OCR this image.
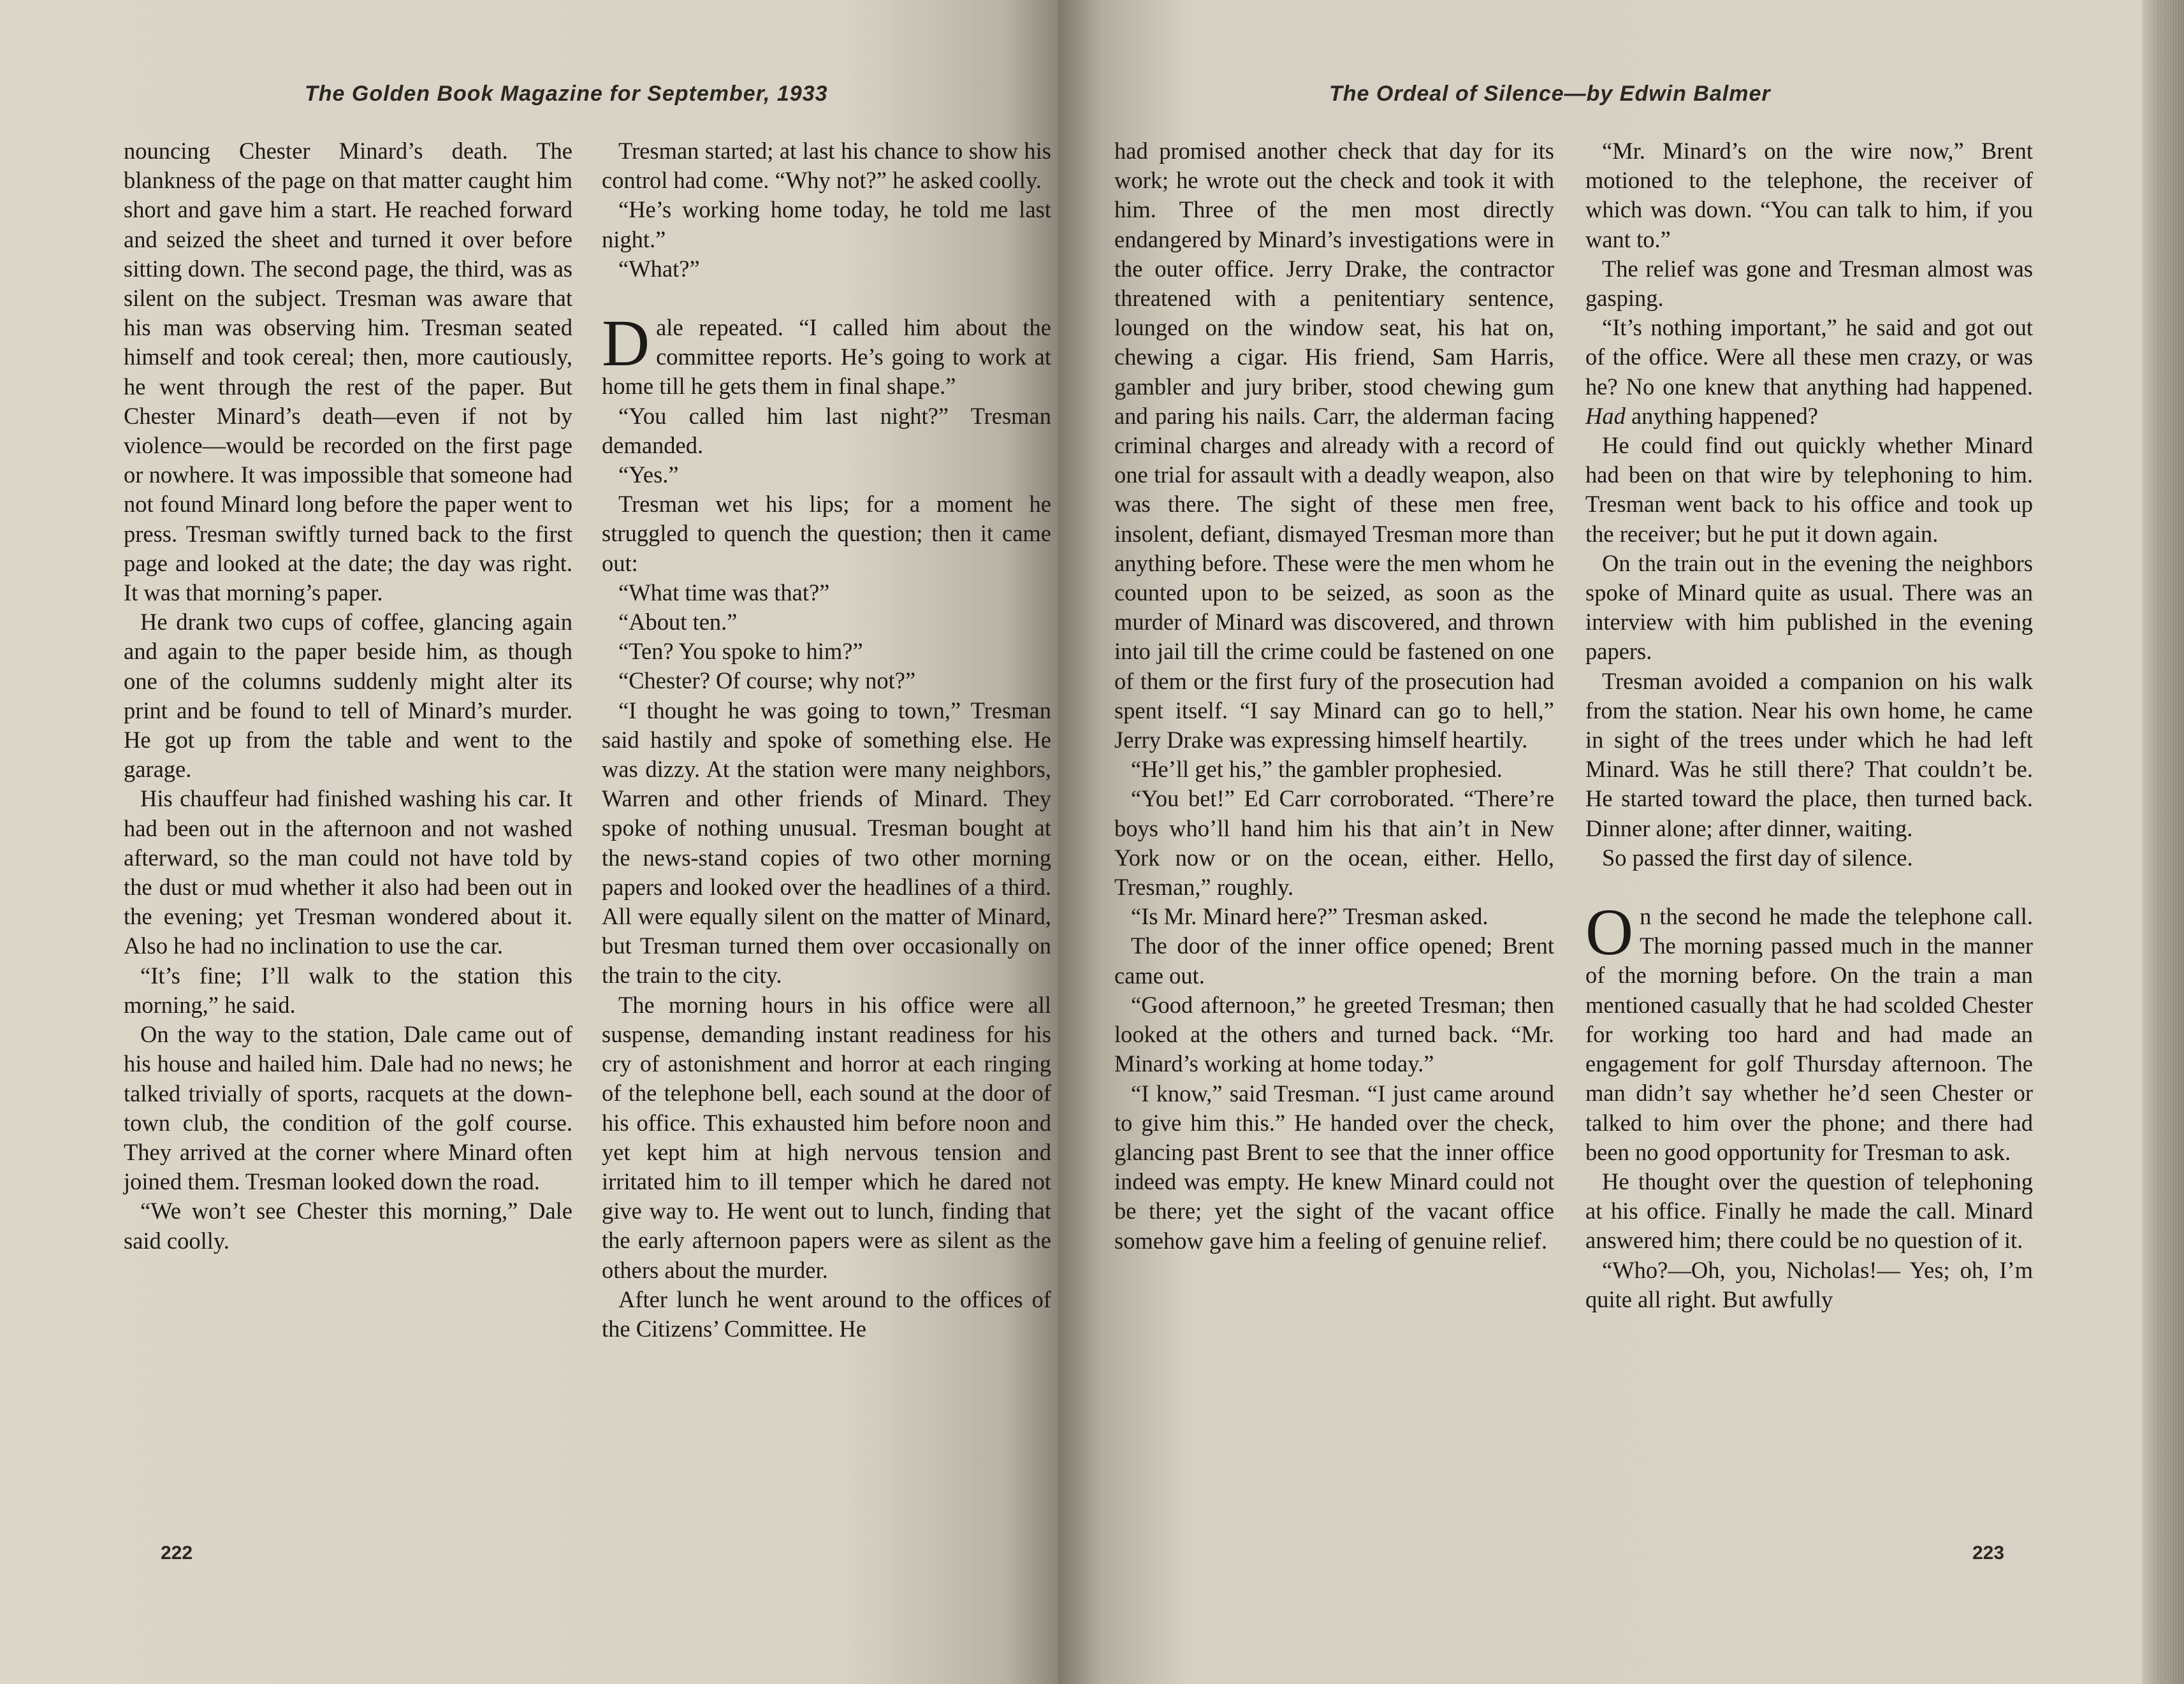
The Golden Book Magazine for September, 1933

nouncing Chester Minard’s death. The blankness of the page on that matter caught him short and gave him a start. He reached forward and seized the sheet and turned it over before sitting down. The second page, the third, was as silent on the subject. Tresman was aware that his man was observing him. Tresman seated himself and took cereal; then, more cautiously, he went through the rest of the paper. But Chester Minard’s death—even if not by violence—would be recorded on the first page or nowhere. It was impossible that someone had not found Minard long before the paper went to press. Tresman swiftly turned back to the first page and looked at the date; the day was right. It was that morning’s paper.

He drank two cups of coffee, glancing again and again to the paper beside him, as though one of the columns suddenly might alter its print and be found to tell of Minard’s murder. He got up from the table and went to the garage.

His chauffeur had finished washing his car. It had been out in the afternoon and not washed afterward, so the man could not have told by the dust or mud whether it also had been out in the evening; yet Tresman wondered about it. Also he had no inclination to use the car.

“It’s fine; I’ll walk to the station this morning,” he said.

On the way to the station, Dale came out of his house and hailed him. Dale had no news; he talked trivially of sports, racquets at the down-town club, the condition of the golf course. They arrived at the corner where Minard often joined them. Tresman looked down the road.

“We won’t see Chester this morning,” Dale said coolly.

Tresman started; at last his chance to show his control had come. “Why not?” he asked coolly.

“He’s working home today, he told me last night.”

“What?”

Dale repeated. “I called him about the committee reports. He’s going to work at home till he gets them in final shape.”

“You called him last night?” Tresman demanded.

“Yes.”

Tresman wet his lips; for a moment he struggled to quench the question; then it came out:

“What time was that?”

“About ten.”

“Ten? You spoke to him?”

“Chester? Of course; why not?”

“I thought he was going to town,” Tresman said hastily and spoke of something else. He was dizzy. At the station were many neighbors, Warren and other friends of Minard. They spoke of nothing unusual. Tresman bought at the news-stand copies of two other morning papers and looked over the headlines of a third. All were equally silent on the matter of Minard, but Tresman turned them over occasionally on the train to the city.

The morning hours in his office were all suspense, demanding instant readiness for his cry of astonishment and horror at each ringing of the telephone bell, each sound at the door of his office. This exhausted him before noon and yet kept him at high nervous tension and irritated him to ill temper which he dared not give way to. He went out to lunch, finding that the early afternoon papers were as silent as the others about the murder.

After lunch he went around to the offices of the Citizens’ Committee. He

222
The Ordeal of Silence—by Edwin Balmer

had promised another check that day for its work; he wrote out the check and took it with him. Three of the men most directly endangered by Minard’s investigations were in the outer office. Jerry Drake, the contractor threatened with a penitentiary sentence, lounged on the window seat, his hat on, chewing a cigar. His friend, Sam Harris, gambler and jury briber, stood chewing gum and paring his nails. Carr, the alderman facing criminal charges and already with a record of one trial for assault with a deadly weapon, also was there. The sight of these men free, insolent, defiant, dismayed Tresman more than anything before. These were the men whom he counted upon to be seized, as soon as the murder of Minard was discovered, and thrown into jail till the crime could be fastened on one of them or the first fury of the prosecution had spent itself. “I say Minard can go to hell,” Jerry Drake was expressing himself heartily.

“He’ll get his,” the gambler prophesied.

“You bet!” Ed Carr corroborated. “There’re boys who’ll hand him his that ain’t in New York now or on the ocean, either. Hello, Tresman,” roughly.

“Is Mr. Minard here?” Tresman asked.

The door of the inner office opened; Brent came out.

“Good afternoon,” he greeted Tresman; then looked at the others and turned back. “Mr. Minard’s working at home today.”

“I know,” said Tresman. “I just came around to give him this.” He handed over the check, glancing past Brent to see that the inner office indeed was empty. He knew Minard could not be there; yet the sight of the vacant office somehow gave him a feeling of genuine relief.

“Mr. Minard’s on the wire now,” Brent motioned to the telephone, the receiver of which was down. “You can talk to him, if you want to.”

The relief was gone and Tresman almost was gasping.

“It’s nothing important,” he said and got out of the office. Were all these men crazy, or was he? No one knew that anything had happened. Had anything happened?

He could find out quickly whether Minard had been on that wire by telephoning to him. Tresman went back to his office and took up the receiver; but he put it down again.

On the train out in the evening the neighbors spoke of Minard quite as usual. There was an interview with him published in the evening papers.

Tresman avoided a companion on his walk from the station. Near his own home, he came in sight of the trees under which he had left Minard. Was he still there? That couldn’t be. He started toward the place, then turned back. Dinner alone; after dinner, waiting.

So passed the first day of silence.

On the second he made the telephone call. The morning passed much in the manner of the morning before. On the train a man mentioned casually that he had scolded Chester for working too hard and had made an engagement for golf Thursday afternoon. The man didn’t say whether he’d seen Chester or talked to him over the phone; and there had been no good opportunity for Tresman to ask.

He thought over the question of telephoning at his office. Finally he made the call. Minard answered him; there could be no question of it.

“Who?—Oh, you, Nicholas!— Yes; oh, I’m quite all right. But awfully

223
